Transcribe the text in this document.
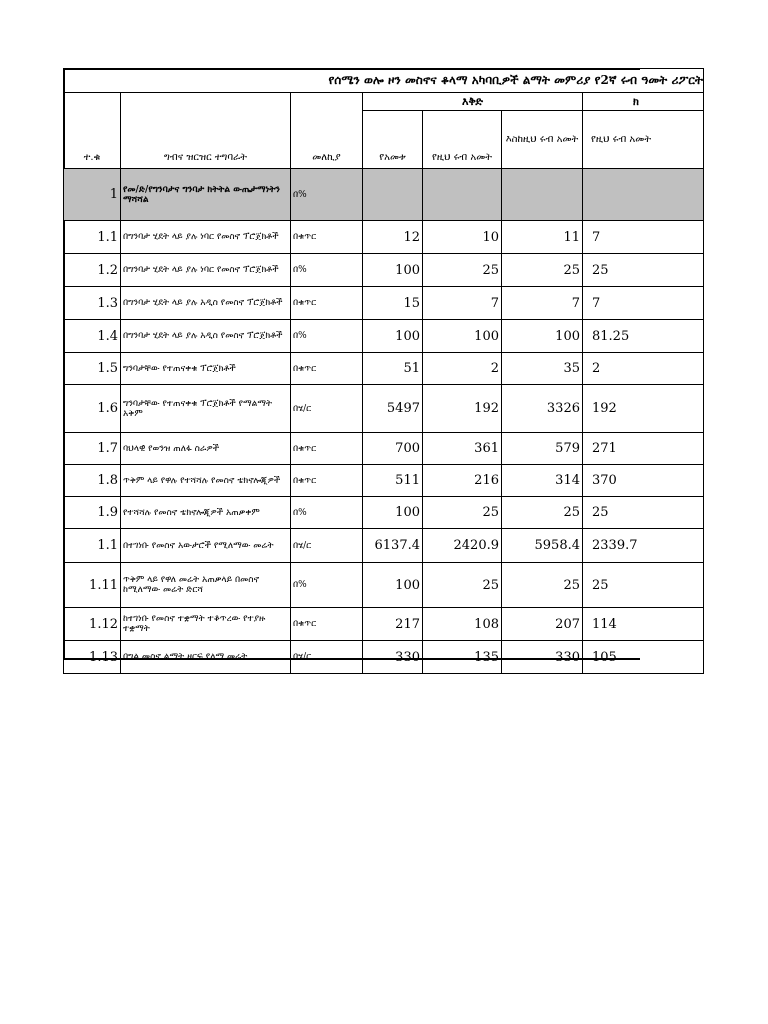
የሰሜን ወሎ ዞን መስኖና ቆላማ አካባቢዎች ልማት መምሪያ የ2ኛ ሩብ ዓመት ሪፖርት						
ተ.ቁ	ግብና ዝርዝር ተግባራት	መለኪያ	እቅድ			ክ
			የአመቱ	የዚህ ሩብ አመት	እስከዚህ ሩብ አመት	የዚህ ሩብ አመት
1	የመ/ድ/የግንባታና ግንባታ ክትትል ውጤታማነትን ማሻሻል	በ%				
1.1	በግንባታ ሂደት ላይ ያሉ ነባር የመስኖ ፕሮጀክቶች	በቁጥር	12	10	11	7
1.2	በግንባታ ሂደት ላይ ያሉ ነባር የመስኖ ፕሮጀክቶች	በ%	100	25	25	25
1.3	በግንባታ ሂደት ላይ ያሉ አዲስ የመስኖ ፕሮጀክቶች	በቁጥር	15	7	7	7
1.4	በግንባታ ሂደት ላይ ያሉ አዲስ የመስኖ ፕሮጀክቶች	በ%	100	100	100	81.25
1.5	ግንባታቸው የተጠናቀቁ ፕሮጀክቶች	በቁጥር	51	2	35	2
1.6	ግንባታቸው የተጠናቀቁ ፕሮጀክቶች የማልማት አቅም	በሄ/ር	5497	192	3326	192
1.7	ባህላዊ የወንዝ ጠለፋ ስራዎች	በቁጥር	700	361	579	271
1.8	ጥቅም ላይ የዋሉ የተሻሻሉ የመስኖ ቴክኖሎጂዎች	በቁጥር	511	216	314	370
1.9	የተሻሻሉ የመስኖ ቴክኖሎጂዎች አጠቃቀም	በ%	100	25	25	25
1.1	በተገነቡ የመስኖ አውታሮች የሚለማው መሬት	በሄ/ር	6137.4	2420.9	5958.4	2339.7
1.11	ጥቅም ላይ የዋለ መሬት አጠቃላይ በመስኖ ከሚለማው መሬት ድርሻ	በ%	100	25	25	25
1.12	ከተገነቡ የመስኖ ተቋማት ተቆጥረው የተያዙ ተቋማት	በቁጥር	217	108	207	114
1.13	በግል መስኖ ልማት ዘርፍ የለማ መሬት	በሄ/ር	330	135	330	105
